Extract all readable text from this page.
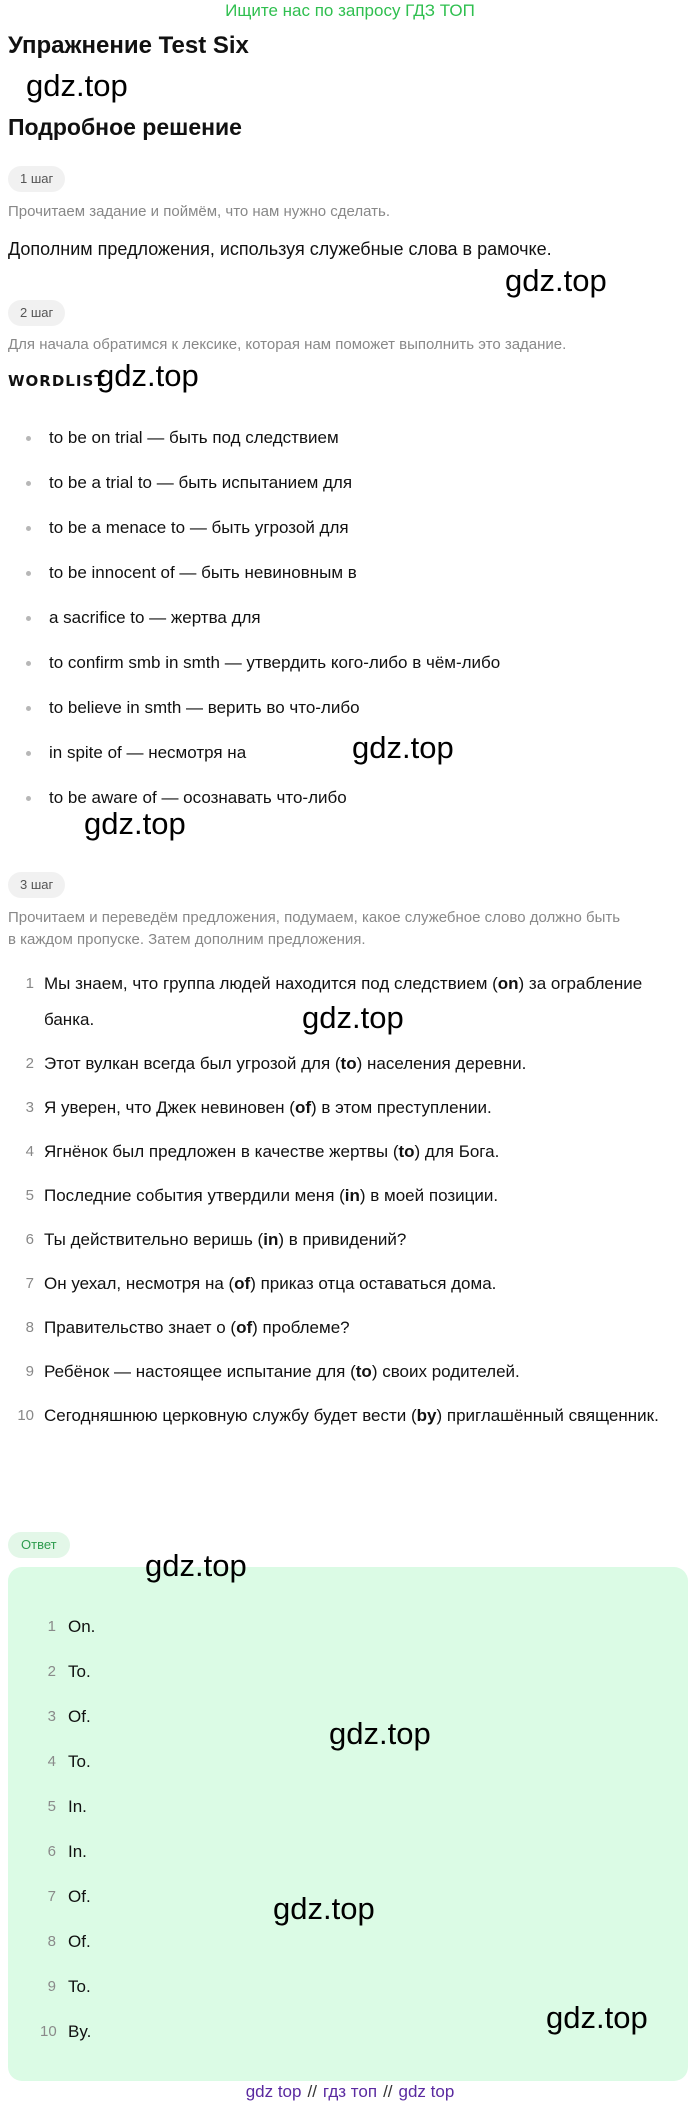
Ищите нас по запросу ГДЗ ТОП
Упражнение Test Six
gdz.top
Подробное решение
1 шаг
Прочитаем задание и поймём, что нам нужно сделать.
Дополним предложения, используя служебные слова в рамочке.
gdz.top
2 шаг
Для начала обратимся к лексике, которая нам поможет выполнить это задание.
WORDLIST
gdz.top
to be on trial — быть под следствием
to be a trial to — быть испытанием для
to be a menace to — быть угрозой для
to be innocent of — быть невиновным в
a sacrifice to — жертва для
to confirm smb in smth — утвердить кого-либо в чём-либо
to believe in smth — верить во что-либо
in spite of — несмотря на
to be aware of — осознавать что-либо
gdz.top
gdz.top
3 шаг
Прочитаем и переведём предложения, подумаем, какое служебное слово должно быть
в каждом пропуске. Затем дополним предложения.
1 Мы знаем, что группа людей находится под следствием (on) за ограбление банка.
2 Этот вулкан всегда был угрозой для (to) населения деревни.
3 Я уверен, что Джек невиновен (of) в этом преступлении.
4 Ягнёнок был предложен в качестве жертвы (to) для Бога.
5 Последние события утвердили меня (in) в моей позиции.
6 Ты действительно веришь (in) в привидений?
7 Он уехал, несмотря на (of) приказ отца оставаться дома.
8 Правительство знает о (of) проблеме?
9 Ребёнок — настоящее испытание для (to) своих родителей.
10 Сегодняшнюю церковную службу будет вести (by) приглашённый священник.
gdz.top
Ответ
gdz.top
1 On.
2 To.
3 Of.
4 To.
5 In.
6 In.
7 Of.
8 Of.
9 To.
10 By.
gdz.top
gdz.top
gdz.top
gdz top // гдз топ // gdz top
